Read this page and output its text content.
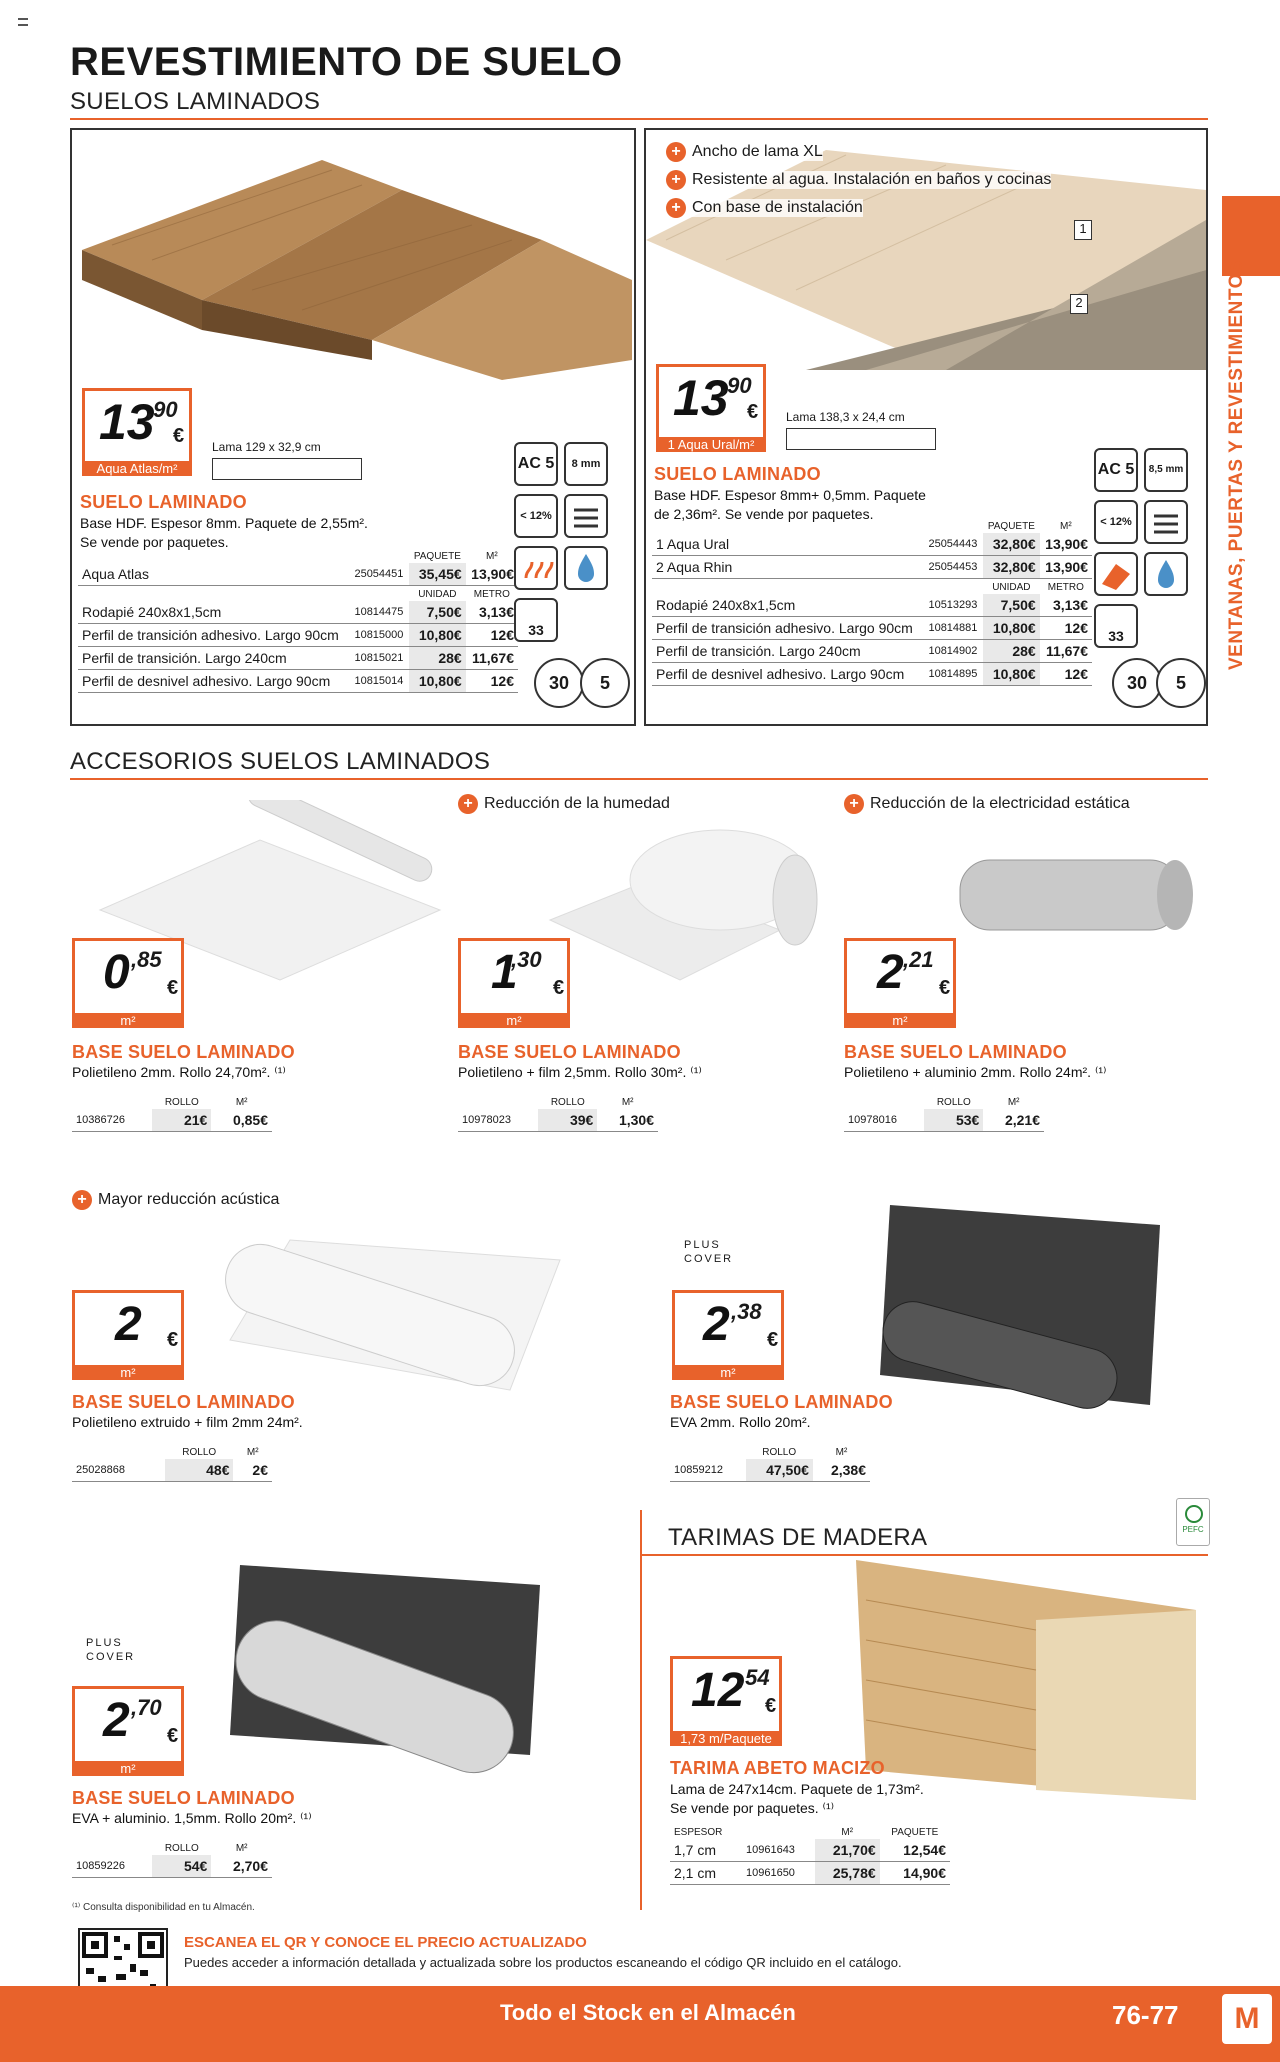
REVESTIMIENTO DE SUELO
SUELOS LAMINADOS
VENTANAS, PUERTAS Y REVESTIMIENTOS
13
,90
€
Aqua Atlas/m²
Lama 129 x 32,9 cm
SUELO LAMINADO
Base HDF. Espesor 8mm. Paquete de 2,55m². Se vende por paquetes.
		PAQUETE	M²
Aqua Atlas	25054451	35,45€	13,90€
		UNIDAD	METRO
Rodapié 240x8x1,5cm	10814475	7,50€	3,13€
Perfil de transición adhesivo. Largo 90cm	10815000	10,80€	12€
Perfil de transición. Largo 240cm	10815021	28€	11,67€
Perfil de desnivel adhesivo. Largo 90cm	10815014	10,80€	12€
AC 5	8 mm
< 12%
33
30	5
+ Ancho de lama XL
+ Resistente al agua. Instalación en baños y cocinas
+ Con base de instalación
1
2
13
,90
€
1 Aqua Ural/m²
Lama 138,3 x 24,4 cm
SUELO LAMINADO
Base HDF. Espesor 8mm+ 0,5mm. Paquete de 2,36m². Se vende por paquetes.
		PAQUETE	M²
1 Aqua Ural	25054443	32,80€	13,90€
2 Aqua Rhin	25054453	32,80€	13,90€
		UNIDAD	METRO
Rodapié 240x8x1,5cm	10513293	7,50€	3,13€
Perfil de transición adhesivo. Largo 90cm	10814881	10,80€	12€
Perfil de transición. Largo 240cm	10814902	28€	11,67€
Perfil de desnivel adhesivo. Largo 90cm	10814895	10,80€	12€
AC 5	8,5 mm
< 12%
33
30	5
ACCESORIOS SUELOS LAMINADOS
0 ,85
€
m²
BASE SUELO LAMINADO
Polietileno 2mm. Rollo 24,70m². ⁽¹⁾
	ROLLO	M²
10386726	21€	0,85€
+ Reducción de la humedad
1
,30
€
m²
BASE SUELO LAMINADO
Polietileno + film 2,5mm. Rollo 30m². ⁽¹⁾
	ROLLO	M²
10978023	39€	1,30€
+ Reducción de la electricidad estática
2 ,21
€
m²
BASE SUELO LAMINADO
Polietileno + aluminio 2mm. Rollo 24m². ⁽¹⁾
	ROLLO	M²
10978016	53€	2,21€
+ Mayor reducción acústica
2 €
m²
BASE SUELO LAMINADO
Polietileno extruido + film 2mm 24m².
	ROLLO	M²
25028868	48€	2€
PLUS COVER
2 ,38
€
m²
BASE SUELO LAMINADO
EVA 2mm. Rollo 20m².
	ROLLO	M²
10859212	47,50€	2,38€
PLUS COVER
2 ,70
€
m²
BASE SUELO LAMINADO
EVA + aluminio. 1,5mm. Rollo 20m². ⁽¹⁾
	ROLLO	M²
10859226	54€	2,70€
PEFC
TARIMAS DE MADERA
12
,54
€
1,73 m/Paquete
TARIMA ABETO MACIZO
Lama de 247x14cm. Paquete de 1,73m². Se vende por paquetes. ⁽¹⁾
ESPESOR		M²	PAQUETE
1,7 cm	10961643	21,70€	12,54€
2,1 cm	10961650	25,78€	14,90€
⁽¹⁾ Consulta disponibilidad en tu Almacén.
ESCANEA EL QR Y CONOCE EL PRECIO ACTUALIZADO
Puedes acceder a información detallada y actualizada sobre los productos escaneando el código QR incluido en el catálogo.
Todo el Stock en el Almacén	76-77	M
